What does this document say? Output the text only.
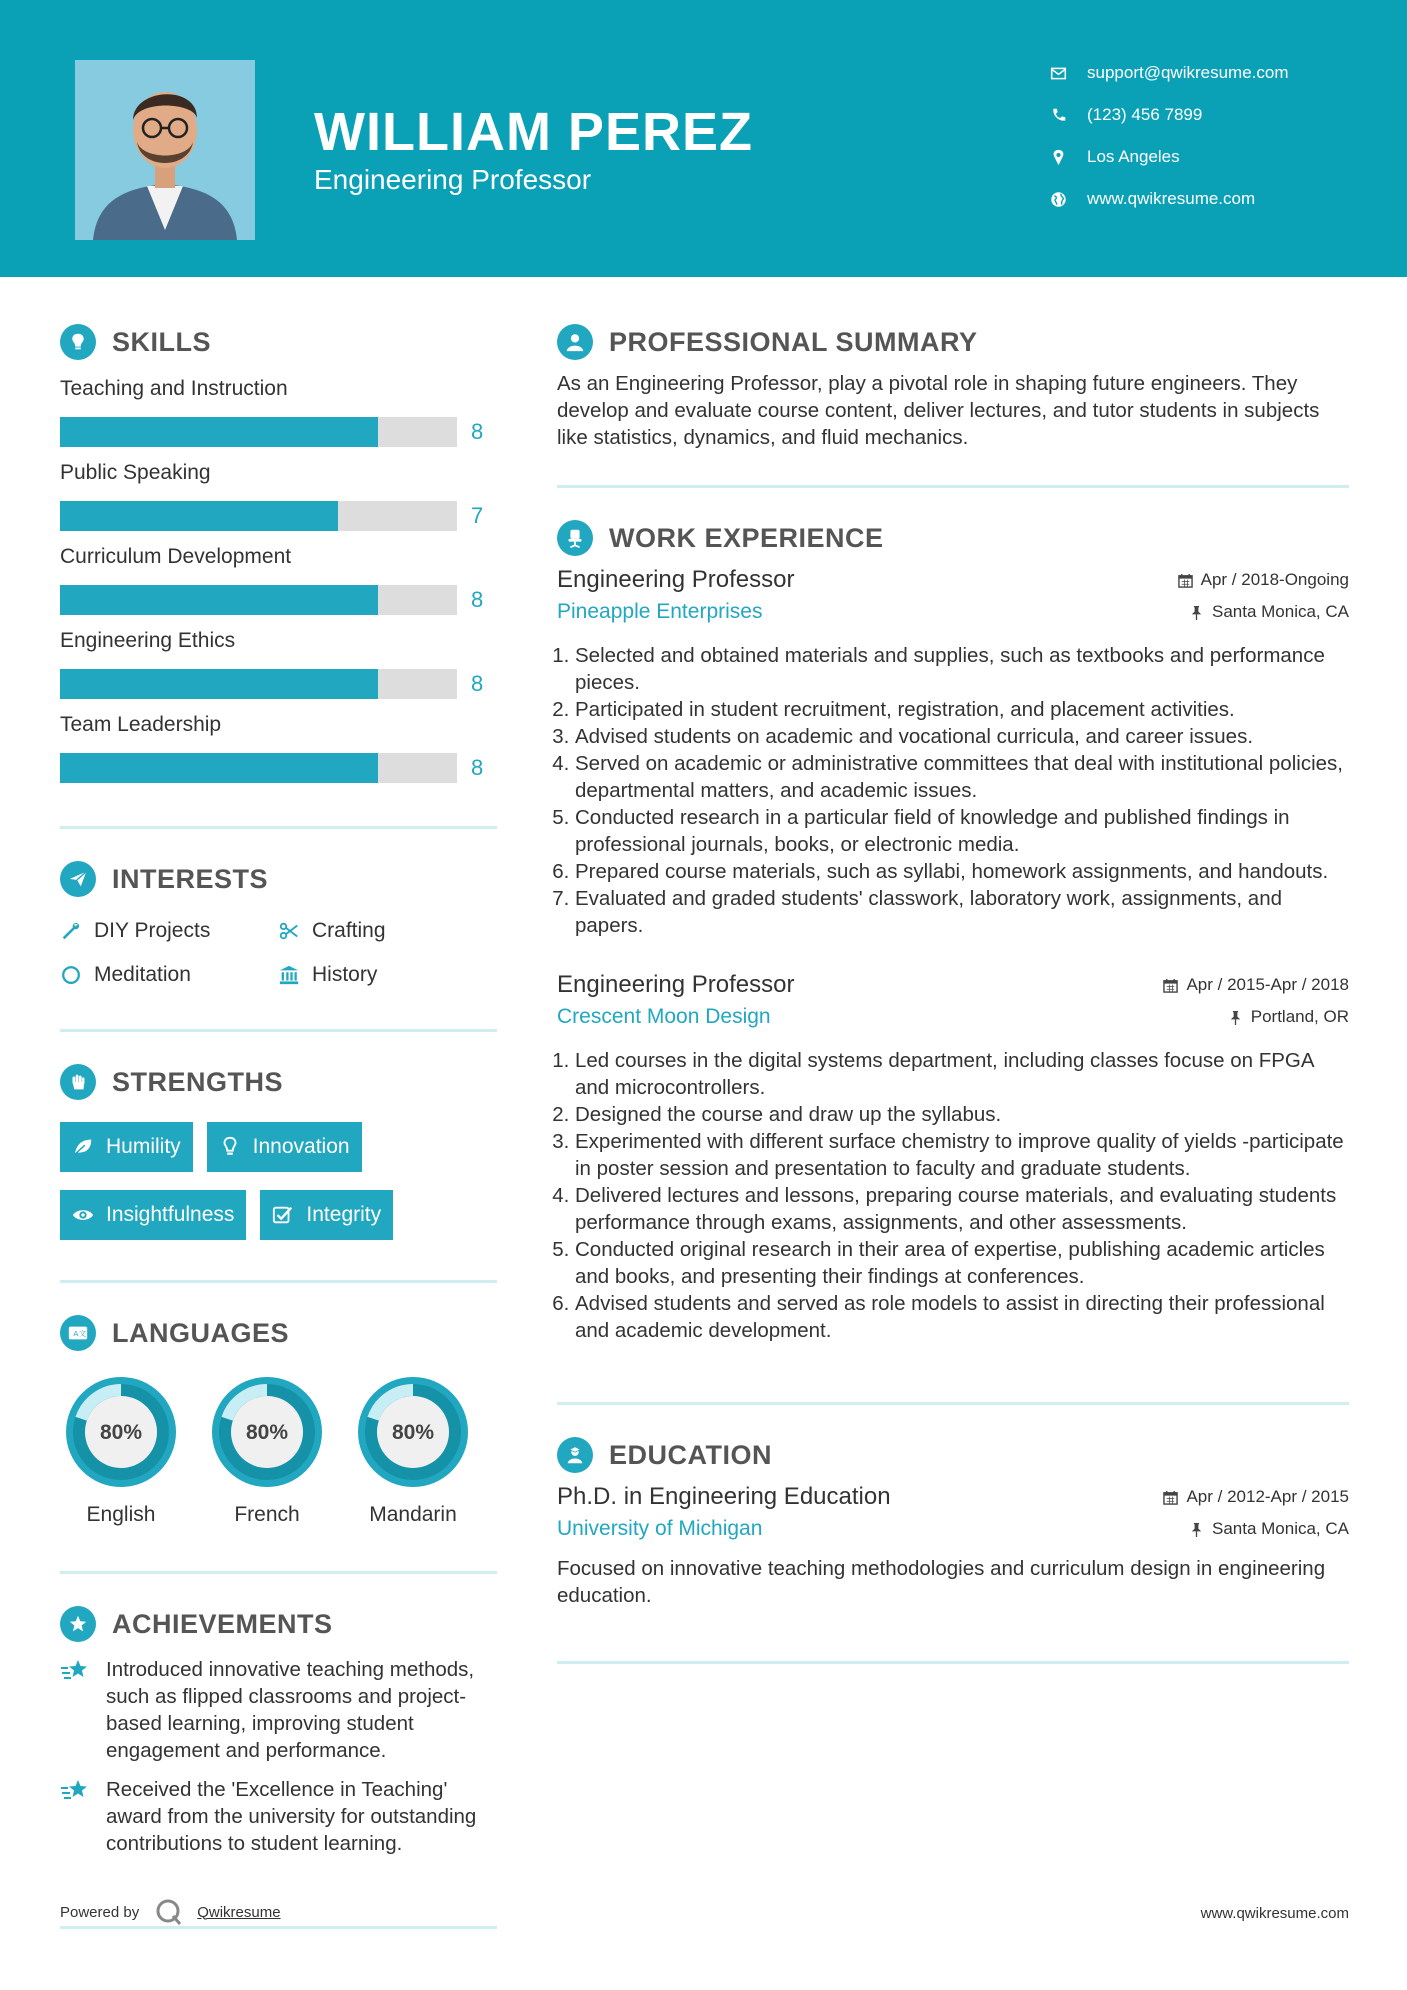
WILLIAM PEREZ
Engineering Professor
support@qwikresume.com
(123) 456 7899
Los Angeles
www.qwikresume.com
SKILLS
Teaching and Instruction
8
Public Speaking
7
Curriculum Development
8
Engineering Ethics
8
Team Leadership
8
INTERESTS
DIY Projects	Crafting
Meditation	History
STRENGTHS
Humility	Innovation
Insightfulness	Integrity
A 文 LANGUAGES
80%
English
80%
French
80%
Mandarin
ACHIEVEMENTS
Introduced innovative teaching methods, such as flipped classrooms and project-based learning, improving student engagement and performance.
Received the 'Excellence in Teaching' award from the university for outstanding contributions to student learning.
PROFESSIONAL SUMMARY

As an Engineering Professor, play a pivotal role in shaping future engineers. They develop and evaluate course content, deliver lectures, and tutor students in subjects like statistics, dynamics, and fluid mechanics.

WORK EXPERIENCE
Engineering Professor
Pineapple Enterprises
Apr / 2018-Ongoing
Santa Monica, CA
1. Selected and obtained materials and supplies, such as textbooks and performance pieces.
2. Participated in student recruitment, registration, and placement activities.
3. Advised students on academic and vocational curricula, and career issues.
4. Served on academic or administrative committees that deal with institutional policies, departmental matters, and academic issues.
5. Conducted research in a particular field of knowledge and published findings in professional journals, books, or electronic media.
6. Prepared course materials, such as syllabi, homework assignments, and handouts.
7. Evaluated and graded students' classwork, laboratory work, assignments, and papers.
Engineering Professor
Crescent Moon Design
Apr / 2015-Apr / 2018
Portland, OR
1. Led courses in the digital systems department, including classes focuse on FPGA and microcontrollers.
2. Designed the course and draw up the syllabus.
3. Experimented with different surface chemistry to improve quality of yields -participate in poster session and presentation to faculty and graduate students.
4. Delivered lectures and lessons, preparing course materials, and evaluating students performance through exams, assignments, and other assessments.
5. Conducted original research in their area of expertise, publishing academic articles and books, and presenting their findings at conferences.
6. Advised students and served as role models to assist in directing their professional and academic development.
EDUCATION
Ph.D. in Engineering Education
University of Michigan
Apr / 2012-Apr / 2015
Santa Monica, CA
Focused on innovative teaching methodologies and curriculum design in engineering education.
Powered by	Qwikresume	www.qwikresume.com
